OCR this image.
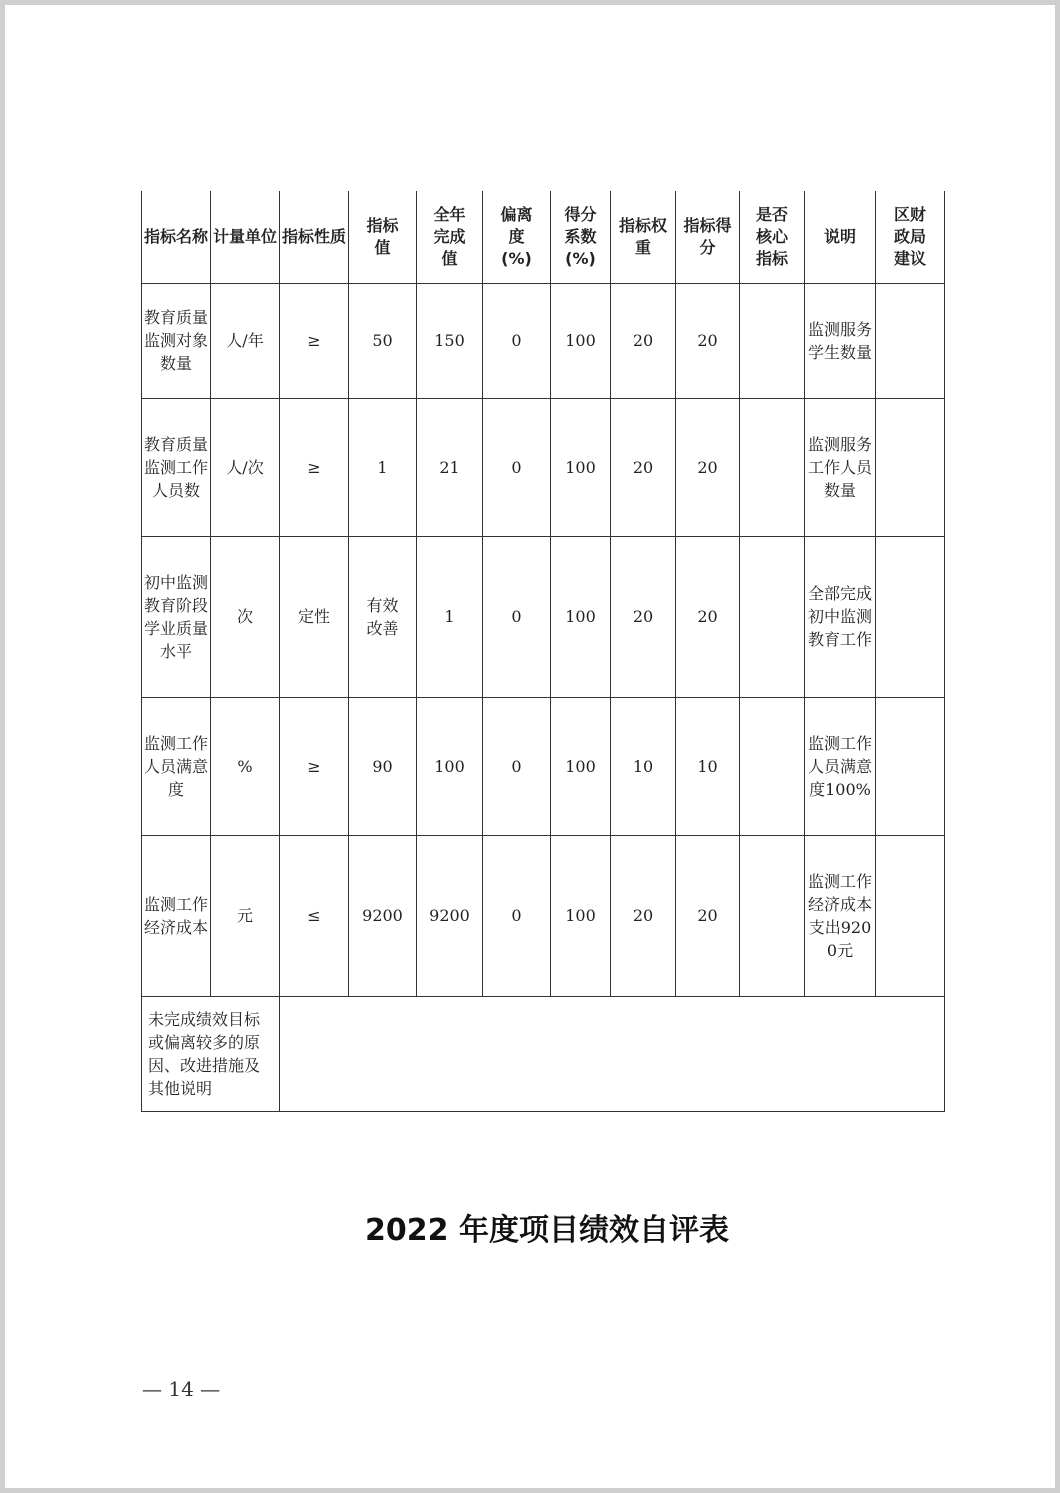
指标名称	计量单位	指标性质	指标值	全年完成值	偏离度(%)	得分系数(%)	指标权重	指标得分	是否核心指标	说明	区财政局建议
教育质量监测对象数量	人/年	≥	50	150	0	100	20	20		监测服务学生数量	
教育质量监测工作人员数	人/次	≥	1	21	0	100	20	20		监测服务工作人员数量	
初中监测教育阶段学业质量水平	次	定性	有效改善	1	0	100	20	20		全部完成初中监测教育工作	
监测工作人员满意度	%	≥	90	100	0	100	10	10		监测工作人员满意度100%	
监测工作经济成本	元	≤	9200	9200	0	100	20	20		监测工作经济成本支出9200元	
未完成绩效目标或偏离较多的原因、改进措施及其他说明											
2022 年度项目绩效自评表
— 14 —
